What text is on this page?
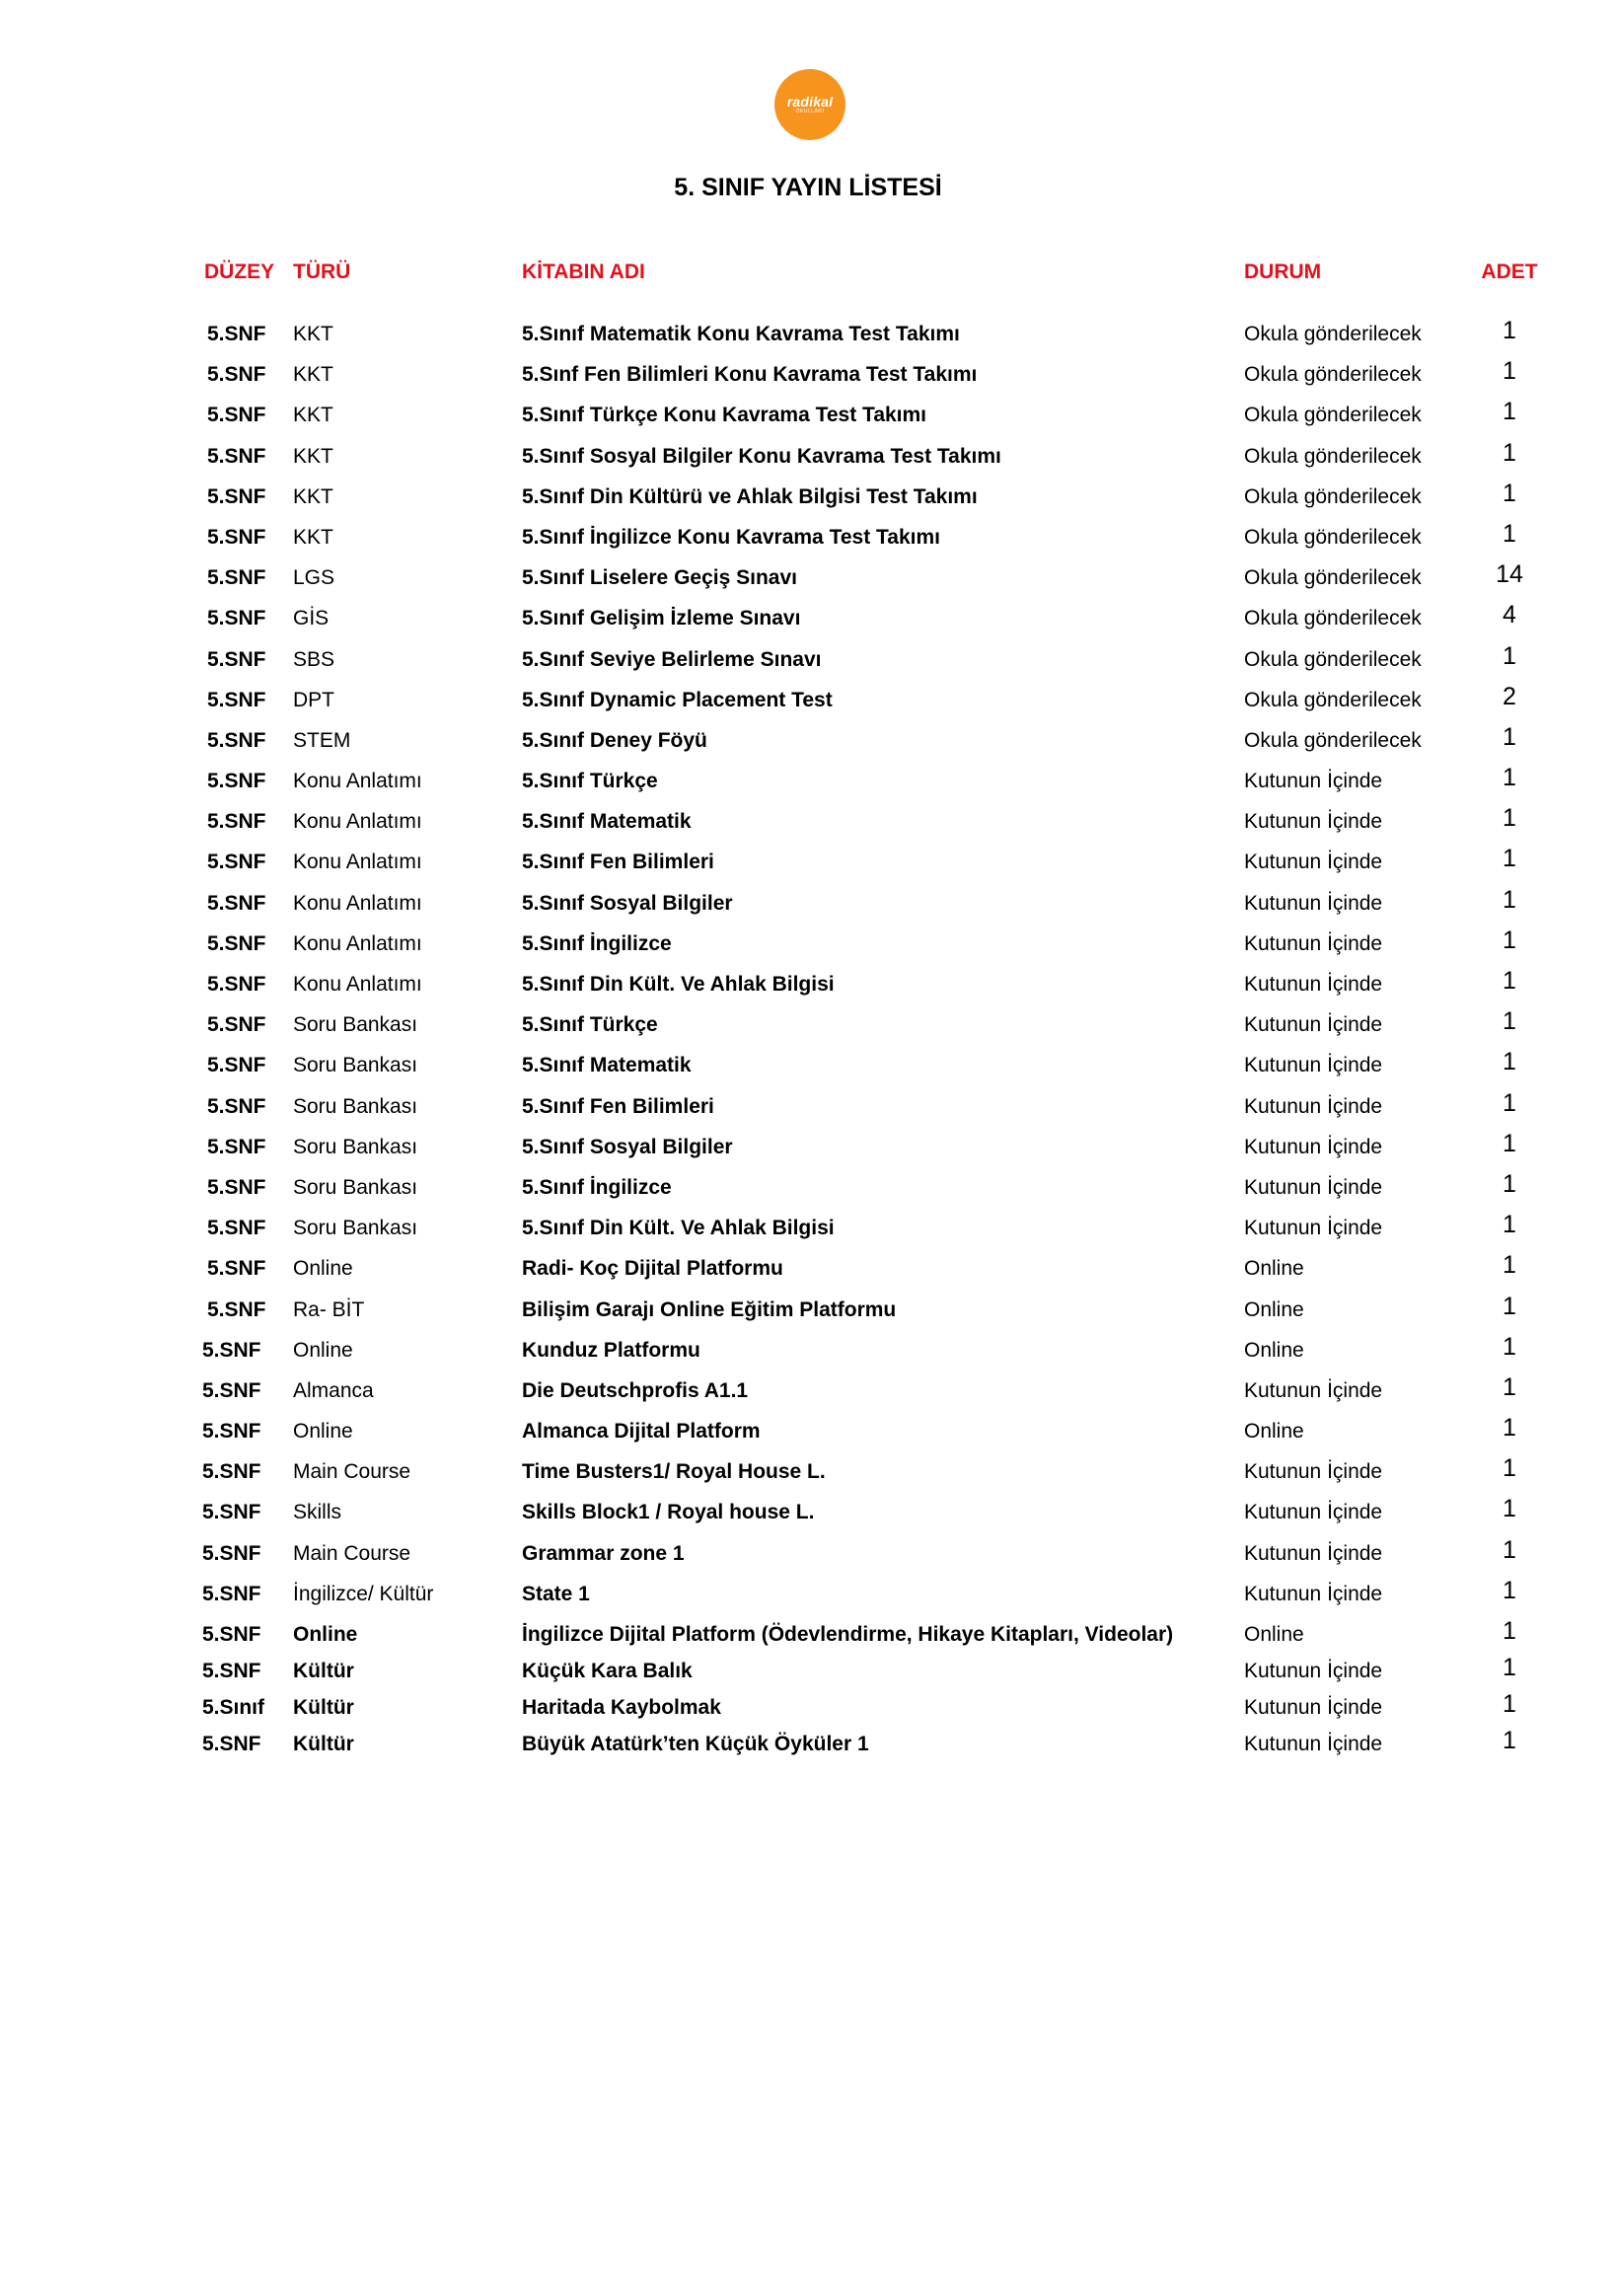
radikal
OKULLARI
5. SINIF YAYIN LİSTESİ
DÜZEY TÜRÜ	KİTABIN ADI	DURUM	ADET
5.SNF KKT	5.Sınıf Matematik Konu Kavrama Test Takımı	Okula gönderilecek	1
5.SNF KKT	5.Sınf Fen Bilimleri Konu Kavrama Test Takımı	Okula gönderilecek	1
5.SNF KKT	5.Sınıf Türkçe Konu Kavrama Test Takımı	Okula gönderilecek	1
5.SNF KKT	5.Sınıf Sosyal Bilgiler Konu Kavrama Test Takımı	Okula gönderilecek	1
5.SNF KKT	5.Sınıf Din Kültürü ve Ahlak Bilgisi Test Takımı	Okula gönderilecek	1
5.SNF KKT	5.Sınıf İngilizce Konu Kavrama Test Takımı	Okula gönderilecek	1
5.SNF LGS	5.Sınıf Liselere Geçiş Sınavı	Okula gönderilecek	14
5.SNF GİS	5.Sınıf Gelişim İzleme Sınavı	Okula gönderilecek	4
5.SNF SBS	5.Sınıf Seviye Belirleme Sınavı	Okula gönderilecek	1
5.SNF DPT	5.Sınıf Dynamic Placement Test	Okula gönderilecek	2
5.SNF STEM	5.Sınıf Deney Föyü	Okula gönderilecek	1
5.SNF Konu Anlatımı	5.Sınıf Türkçe	Kutunun İçinde	1
5.SNF Konu Anlatımı	5.Sınıf Matematik	Kutunun İçinde	1
5.SNF Konu Anlatımı	5.Sınıf Fen Bilimleri	Kutunun İçinde	1
5.SNF Konu Anlatımı	5.Sınıf Sosyal Bilgiler	Kutunun İçinde	1
5.SNF Konu Anlatımı	5.Sınıf İngilizce	Kutunun İçinde	1
5.SNF Konu Anlatımı	5.Sınıf Din Kült. Ve Ahlak Bilgisi	Kutunun İçinde	1
5.SNF Soru Bankası	5.Sınıf Türkçe	Kutunun İçinde	1
5.SNF Soru Bankası	5.Sınıf Matematik	Kutunun İçinde	1
5.SNF Soru Bankası	5.Sınıf Fen Bilimleri	Kutunun İçinde	1
5.SNF Soru Bankası	5.Sınıf Sosyal Bilgiler	Kutunun İçinde	1
5.SNF Soru Bankası	5.Sınıf İngilizce	Kutunun İçinde	1
5.SNF Soru Bankası	5.Sınıf Din Kült. Ve Ahlak Bilgisi	Kutunun İçinde	1
5.SNF Online	Radi- Koç Dijital Platformu	Online	1
5.SNF Ra- BİT	Bilişim Garajı Online Eğitim Platformu	Online	1
5.SNF Online	Kunduz Platformu	Online	1
5.SNF Almanca	Die Deutschprofis A1.1	Kutunun İçinde	1
5.SNF Online	Almanca Dijital Platform	Online	1
5.SNF Main Course	Time Busters1/ Royal House L.	Kutunun İçinde	1
5.SNF Skills	Skills Block1 / Royal house L.	Kutunun İçinde	1
5.SNF Main Course	Grammar zone 1	Kutunun İçinde	1
5.SNF İngilizce/ Kültür	State 1	Kutunun İçinde	1
5.SNF Online	İngilizce Dijital Platform (Ödevlendirme, Hikaye Kitapları, Videolar)	Online	1
5.SNF Kültür	Küçük Kara Balık	Kutunun İçinde	1
5.Sınıf Kültür	Haritada Kaybolmak	Kutunun İçinde	1
5.SNF Kültür	Büyük Atatürk’ten Küçük Öyküler 1	Kutunun İçinde	1
